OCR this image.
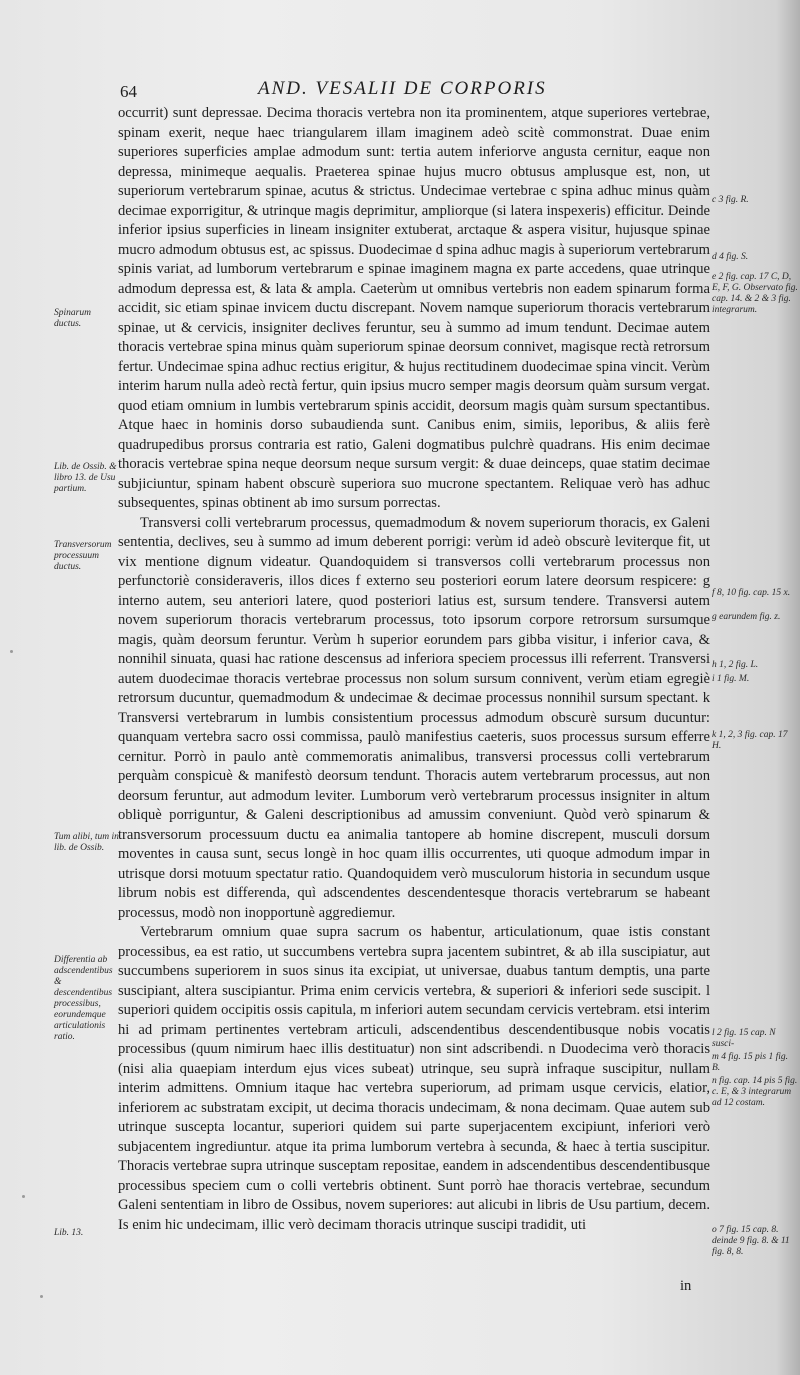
64	AND. VESALII DE CORPORIS

occurrit) sunt depressae. Decima thoracis vertebra non ita prominentem, atque superiores vertebrae, spinam exerit, neque haec triangularem illam imaginem adeò scitè commonstrat. Duae enim superiores superficies amplae admodum sunt: tertia autem inferiorve angusta cernitur, eaque non depressa, minimeque aequalis. Praeterea spinae hujus mucro obtusus amplusque est, non, ut superiorum vertebrarum spinae, acutus & strictus. Undecimae vertebrae c spina adhuc minus quàm decimae exporrigitur, & utrinque magis deprimitur, ampliorque (si latera inspexeris) efficitur. Deinde inferior ipsius superficies in lineam insigniter extuberat, arctaque & aspera visitur, hujusque spinae mucro admodum obtusus est, ac spissus. Duodecimae d spina adhuc magis à superiorum vertebrarum spinis variat, ad lumborum vertebrarum e spinae imaginem magna ex parte accedens, quae utrinque admodum depressa est, & lata & ampla. Caeterùm ut omnibus vertebris non eadem spinarum forma accidit, sic etiam spinae invicem ductu discrepant. Novem namque superiorum thoracis vertebrarum spinae, ut & cervicis, insigniter declives feruntur, seu à summo ad imum tendunt. Decimae autem thoracis vertebrae spina minus quàm superiorum spinae deorsum connivet, magisque rectà retrorsum fertur. Undecimae spina adhuc rectius erigitur, & hujus rectitudinem duodecimae spina vincit. Verùm interim harum nulla adeò rectà fertur, quin ipsius mucro semper magis deorsum quàm sursum vergat. quod etiam omnium in lumbis vertebrarum spinis accidit, deorsum magis quàm sursum spectantibus. Atque haec in hominis dorso subaudienda sunt. Canibus enim, simiis, leporibus, & aliis ferè quadrupedibus prorsus contraria est ratio, Galeni dogmatibus pulchrè quadrans. His enim decimae thoracis vertebrae spina neque deorsum neque sursum vergit: & duae deinceps, quae statim decimae subjiciuntur, spinam habent obscurè superiora suo mucrone spectantem. Reliquae verò has adhuc subsequentes, spinas obtinent ab imo sursum porrectas.

Transversi colli vertebrarum processus, quemadmodum & novem superiorum thoracis, ex Galeni sententia, declives, seu à summo ad imum deberent porrigi: verùm id adeò obscurè leviterque fit, ut vix mentione dignum videatur. Quandoquidem si transversos colli vertebrarum processus non perfunctoriè consideraveris, illos dices f externo seu posteriori eorum latere deorsum respicere: g interno autem, seu anteriori latere, quod posteriori latius est, sursum tendere. Transversi autem novem superiorum thoracis vertebrarum processus, toto ipsorum corpore retrorsum sursumque magis, quàm deorsum feruntur. Verùm h superior eorundem pars gibba visitur, i inferior cava, & nonnihil sinuata, quasi hac ratione descensus ad inferiora speciem processus illi referrent. Transversi autem duodecimae thoracis vertebrae processus non solum sursum connivent, verùm etiam egregiè retrorsum ducuntur, quemadmodum & undecimae & decimae processus nonnihil sursum spectant. k Transversi vertebrarum in lumbis consistentium processus admodum obscurè sursum ducuntur: quanquam vertebra sacro ossi commissa, paulò manifestius caeteris, suos processus sursum efferre cernitur. Porrò in paulo antè commemoratis animalibus, transversi processus colli vertebrarum perquàm conspicuè & manifestò deorsum tendunt. Thoracis autem vertebrarum processus, aut non deorsum feruntur, aut admodum leviter. Lumborum verò vertebrarum processus insigniter in altum obliquè porriguntur, & Galeni descriptionibus ad amussim conveniunt. Quòd verò spinarum & transversorum processuum ductu ea animalia tantopere ab homine discrepent, musculi dorsum moventes in causa sunt, secus longè in hoc quam illis occurrentes, uti quoque admodum impar in utrisque dorsi motuum spectatur ratio. Quandoquidem verò musculorum historia in secundum usque librum nobis est differenda, quì adscendentes descendentesque thoracis vertebrarum se habeant processus, modò non inopportunè aggrediemur.

Vertebrarum omnium quae supra sacrum os habentur, articulationum, quae istis constant processibus, ea est ratio, ut succumbens vertebra supra jacentem subintret, & ab illa suscipiatur, aut succumbens superiorem in suos sinus ita excipiat, ut universae, duabus tantum demptis, una parte suscipiant, altera suscipiantur. Prima enim cervicis vertebra, & superiori & inferiori sede suscipit. l superiori quidem occipitis ossis capitula, m inferiori autem secundam cervicis vertebram. etsi interim hi ad primam pertinentes vertebram articuli, adscendentibus descendentibusque nobis vocatis processibus (quum nimirum haec illis destituatur) non sint adscribendi. n Duodecima verò thoracis (nisi alia quaepiam interdum ejus vices subeat) utrinque, seu suprà infraque suscipitur, nullam interim admittens. Omnium itaque hac vertebra superiorum, ad primam usque cervicis, elatior, inferiorem ac substratam excipit, ut decima thoracis undecimam, & nona decimam. Quae autem sub utrinque suscepta locantur, superiori quidem sui parte superjacentem excipiunt, inferiori verò subjacentem ingrediuntur. atque ita prima lumborum vertebra à secunda, & haec à tertia suscipitur. Thoracis vertebrae supra utrinque susceptam repositae, eandem in adscendentibus descendentibusque processibus speciem cum o colli vertebris obtinent. Sunt porrò hae thoracis vertebrae, secundum Galeni sententiam in libro de Ossibus, novem superiores: aut alicubi in libris de Usu partium, decem. Is enim hic undecimam, illic verò decimam thoracis utrinque suscipi tradidit, uti

Spinarum ductus.
Lib. de Ossib. & libro 13. de Usu partium.
Transversorum processuum ductus.
Tum alibi, tum in lib. de Ossib.
Differentia ab adscendentibus & descendentibus processibus, eorundemque articulationis ratio.
Lib. 13.
c 3 fig. R.
d 4 fig. S.
e 2 fig. cap. 17 C, D, E, F, G. Observato fig. cap. 14. & 2 & 3 fig. integrarum.
f 8, 10 fig. cap. 15 x.
g earundem fig. z.
h 1, 2 fig. L.
i 1 fig. M.
k 1, 2, 3 fig. cap. 17 H.
l 2 fig. 15 cap. N susci-
m 4 fig. 15 pis 1 fig. B.
n fig. cap. 14 pis 5 fig. c. E, & 3 integrarum ad 12 costam.
o 7 fig. 15 cap. 8. deinde 9 fig. 8. & 11 fig. 8, 8.
in
